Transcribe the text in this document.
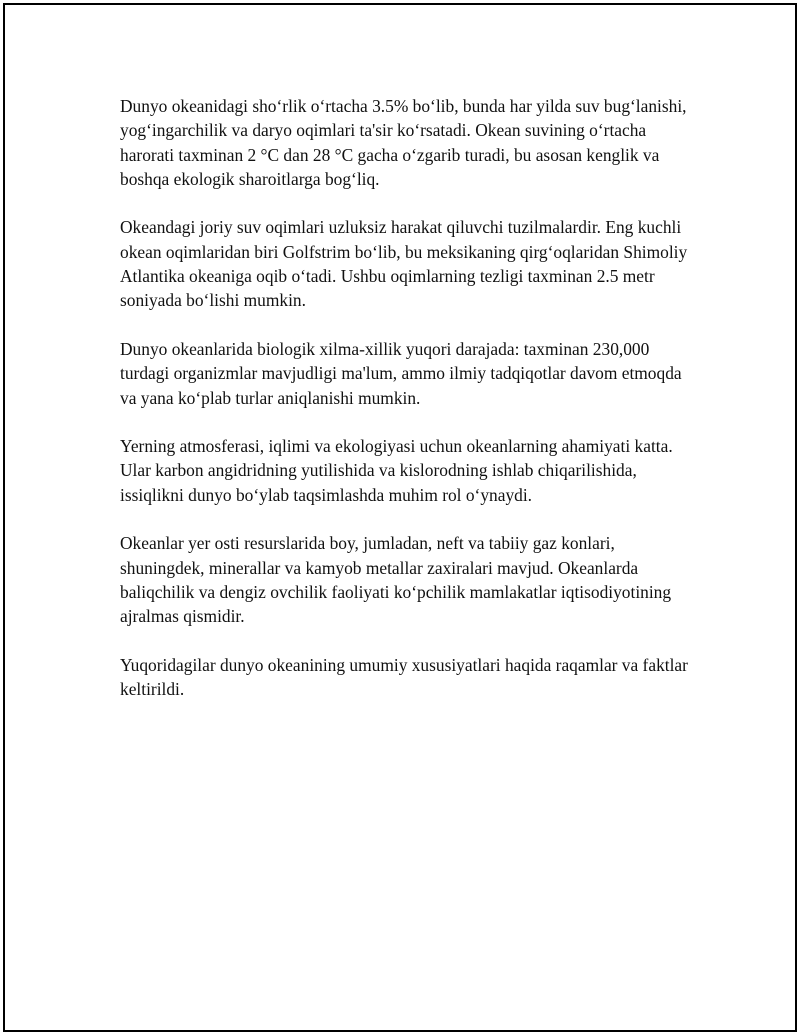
Dunyo okeanidagi sho‘rlik o‘rtacha 3.5% bo‘lib, bunda har yilda suv bug‘lanishi, yog‘ingarchilik va daryo oqimlari ta'sir ko‘rsatadi. Okean suvining o‘rtacha harorati taxminan 2 °C dan 28 °C gacha o‘zgarib turadi, bu asosan kenglik va boshqa ekologik sharoitlarga bog‘liq.

Okeandagi joriy suv oqimlari uzluksiz harakat qiluvchi tuzilmalardir. Eng kuchli okean oqimlaridan biri Golfstrim bo‘lib, bu meksikaning qirg‘oqlaridan Shimoliy Atlantika okeaniga oqib o‘tadi. Ushbu oqimlarning tezligi taxminan 2.5 metr soniyada bo‘lishi mumkin.

Dunyo okeanlarida biologik xilma-xillik yuqori darajada: taxminan 230,000 turdagi organizmlar mavjudligi ma'lum, ammo ilmiy tadqiqotlar davom etmoqda va yana ko‘plab turlar aniqlanishi mumkin.

Yerning atmosferasi, iqlimi va ekologiyasi uchun okeanlarning ahamiyati katta. Ular karbon angidridning yutilishida va kislorodning ishlab chiqarilishida, issiqlikni dunyo bo‘ylab taqsimlashda muhim rol o‘ynaydi.

Okeanlar yer osti resurslarida boy, jumladan, neft va tabiiy gaz konlari, shuningdek, minerallar va kamyob metallar zaxiralari mavjud. Okeanlarda baliqchilik va dengiz ovchilik faoliyati ko‘pchilik mamlakatlar iqtisodiyotining ajralmas qismidir.

Yuqoridagilar dunyo okeanining umumiy xususiyatlari haqida raqamlar va faktlar keltirildi.
